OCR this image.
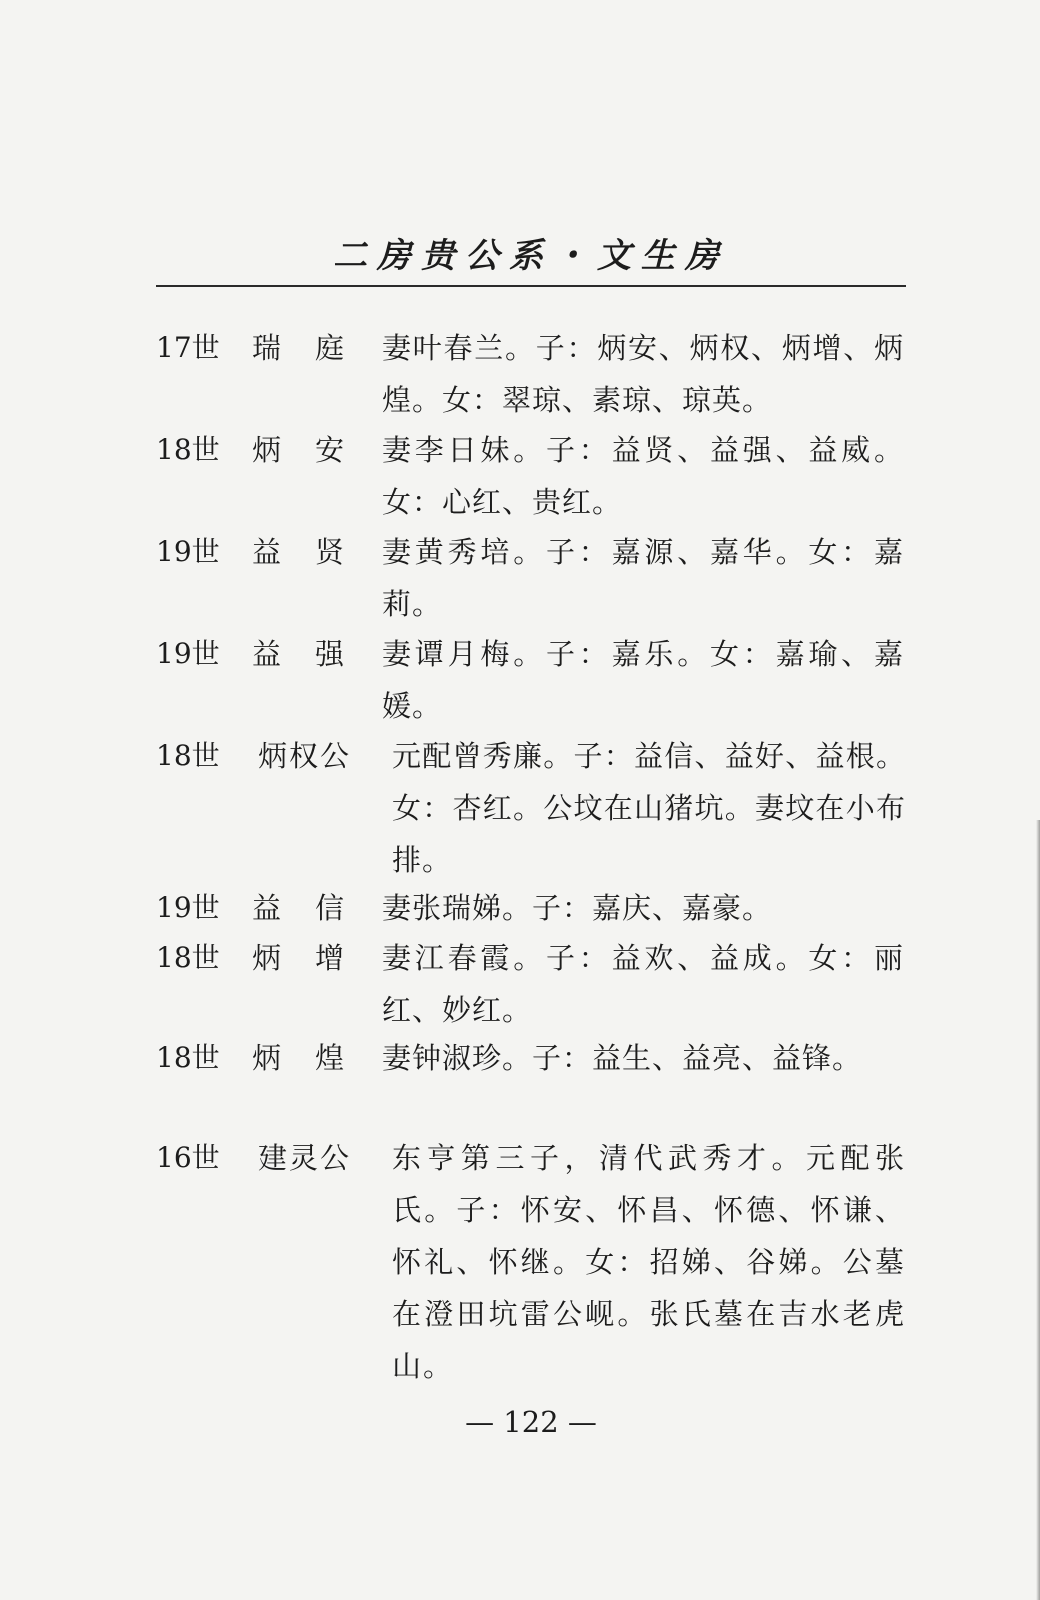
二房贵公系・文生房
17世 瑞庭 妻叶春兰。子：炳安、炳权、炳增、炳煌。女：翠琼、素琼、琼英。
18世 炳安 妻李日妹。子：益贤、益强、益威。女：心红、贵红。
19世 益贤 妻黄秀培。子：嘉源、嘉华。女：嘉莉。
19世 益强 妻谭月梅。子：嘉乐。女：嘉瑜、嘉媛。
18世 炳权公 元配曾秀廉。子：益信、益好、益根。女：杏红。公坟在山猪坑。妻坟在小布排。
19世 益信 妻张瑞娣。子：嘉庆、嘉豪。
18世 炳增 妻江春霞。子：益欢、益成。女：丽红、妙红。
18世 炳煌 妻钟淑珍。子：益生、益亮、益锋。
16世 建灵公 东亨第三子，清代武秀才。元配张氏。子：怀安、怀昌、怀德、怀谦、怀礼、怀继。女：招娣、谷娣。公墓在澄田坑雷公岘。张氏墓在吉水老虎山。
— 122 —
